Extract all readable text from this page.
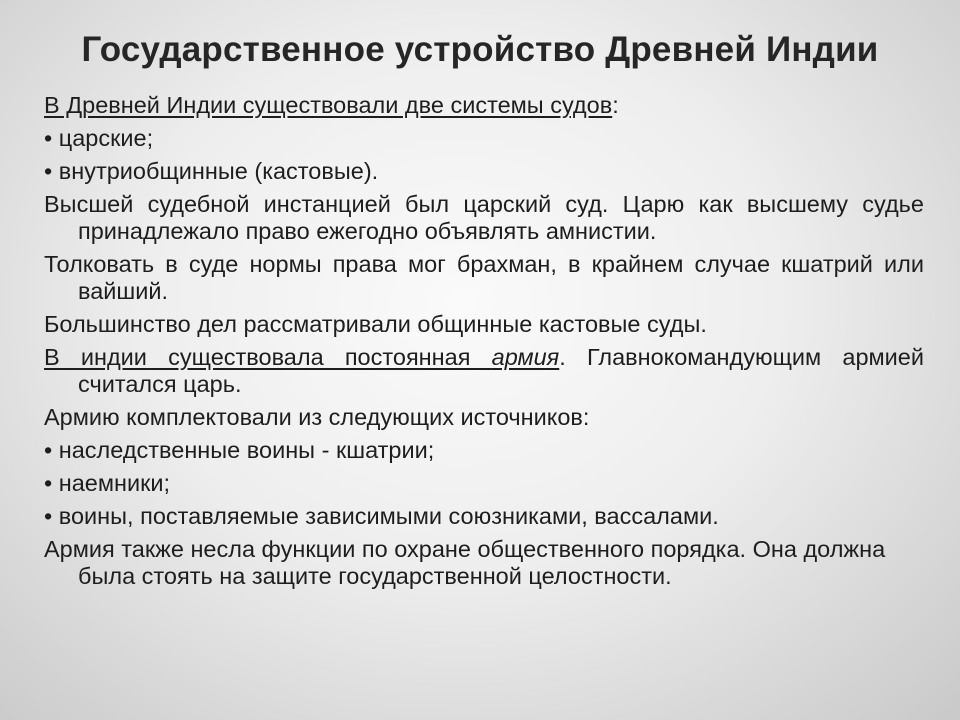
Государственное устройство Древней Индии

В Древней Индии существовали две системы судов:

• царские;

• внутриобщинные (кастовые).

Высшей судебной инстанцией был царский суд. Царю как высшему судье принадлежало право ежегодно объявлять амнистии.

Толковать в суде нормы права мог брахман, в крайнем случае кшатрий или вайший.

Большинство дел рассматривали общинные кастовые суды.

В индии существовала постоянная армия. Главнокомандующим армией считался царь.

Армию комплектовали из следующих источников:

• наследственные воины - кшатрии;

• наемники;

• воины, поставляемые зависимыми союзниками, вассалами.

Армия также несла функции по охране общественного порядка. Она должна была стоять на защите государственной целостности.
